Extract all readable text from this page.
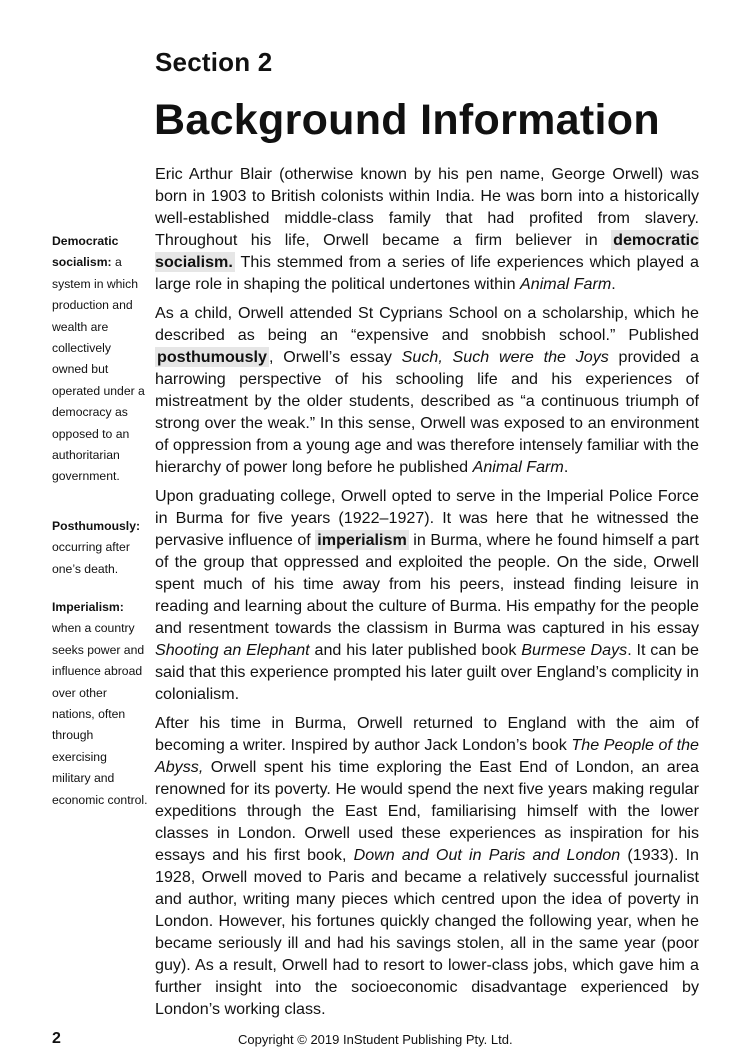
Section 2
Background Information
Democratic socialism: a system in which production and wealth are collectively owned but operated under a democracy as opposed to an authoritarian government.
Posthumously: occurring after one’s death.
Imperialism: when a country seeks power and influence abroad over other nations, often through exercising military and economic control.

Eric Arthur Blair (otherwise known by his pen name, George Orwell) was born in 1903 to British colonists within India. He was born into a historically well-established middle-class family that had profited from slavery. Throughout his life, Orwell became a firm believer in democratic socialism. This stemmed from a series of life experiences which played a large role in shaping the political undertones within Animal Farm.

As a child, Orwell attended St Cyprians School on a scholarship, which he described as being an “expensive and snobbish school.” Published posthumously , Orwell’s essay Such, Such were the Joys provided a harrowing perspective of his schooling life and his experiences of mistreatment by the older students, described as “a continuous triumph of strong over the weak.” In this sense, Orwell was exposed to an environment of oppression from a young age and was therefore intensely familiar with the hierarchy of power long before he published Animal Farm.

Upon graduating college, Orwell opted to serve in the Imperial Police Force in Burma for five years (1922–1927). It was here that he witnessed the pervasive influence of imperialism in Burma, where he found himself a part of the group that oppressed and exploited the people. On the side, Orwell spent much of his time away from his peers, instead finding leisure in reading and learning about the culture of Burma. His empathy for the people and resentment towards the classism in Burma was captured in his essay Shooting an Elephant and his later published book Burmese Days. It can be said that this experience prompted his later guilt over England’s complicity in colonialism.

After his time in Burma, Orwell returned to England with the aim of becoming a writer. Inspired by author Jack London’s book The People of the Abyss, Orwell spent his time exploring the East End of London, an area renowned for its poverty. He would spend the next five years making regular expeditions through the East End, familiarising himself with the lower classes in London. Orwell used these experiences as inspiration for his essays and his first book, Down and Out in Paris and London (1933). In 1928, Orwell moved to Paris and became a relatively successful journalist and author, writing many pieces which centred upon the idea of poverty in London. However, his fortunes quickly changed the following year, when he became seriously ill and had his savings stolen, all in the same year (poor guy). As a result, Orwell had to resort to lower-class jobs, which gave him a further insight into the socioeconomic disadvantage experienced by London’s working class.

2	Copyright © 2019 InStudent Publishing Pty. Ltd.
